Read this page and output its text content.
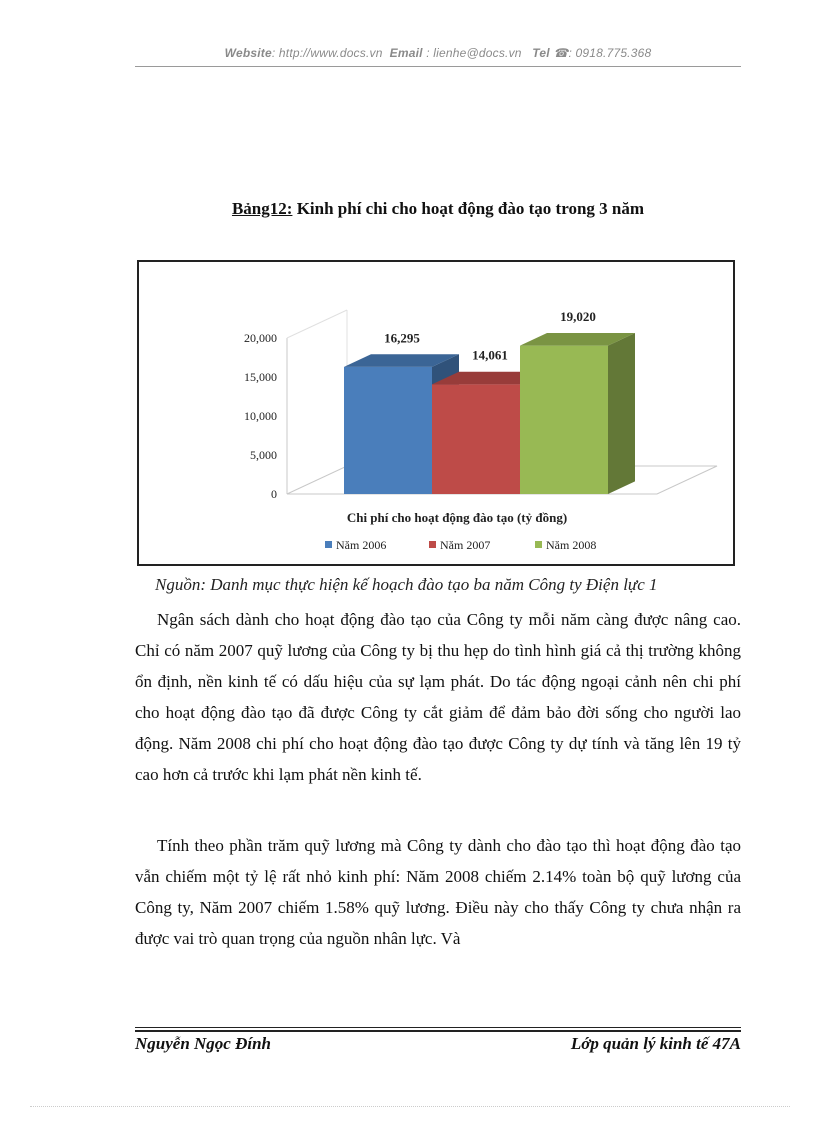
Website: http://www.docs.vn Email : lienhe@docs.vn Tel ☎: 0918.775.368
Bảng12: Kinh phí chi cho hoạt động đào tạo trong 3 năm
0
5,000
10,000
15,000
20,000	16,295
14,061
19,020
Chi phí cho hoạt động đào tạo (tỷ đồng)
Năm 2006	Năm 2007	Năm 2008
Nguồn: Danh mục thực hiện kế hoạch đào tạo ba năm Công ty Điện lực 1

Ngân sách dành cho hoạt động đào tạo của Công ty mỗi năm càng được nâng cao. Chỉ có năm 2007 quỹ lương của Công ty bị thu hẹp do tình hình giá cả thị trường không ổn định, nền kinh tế có dấu hiệu của sự lạm phát. Do tác động ngoại cảnh nên chi phí cho hoạt động đào tạo đã được Công ty cắt giảm để đảm bảo đời sống cho người lao động. Năm 2008 chi phí cho hoạt động đào tạo được Công ty dự tính và tăng lên 19 tỷ cao hơn cả trước khi lạm phát nền kinh tế.

Tính theo phần trăm quỹ lương mà Công ty dành cho đào tạo thì hoạt động đào tạo vẫn chiếm một tỷ lệ rất nhỏ kinh phí: Năm 2008 chiếm 2.14% toàn bộ quỹ lương của Công ty, Năm 2007 chiếm 1.58% quỹ lương. Điều này cho thấy Công ty chưa nhận ra được vai trò quan trọng của nguồn nhân lực. Và

Nguyễn Ngọc Đính	Lớp quản lý kinh tế 47A
